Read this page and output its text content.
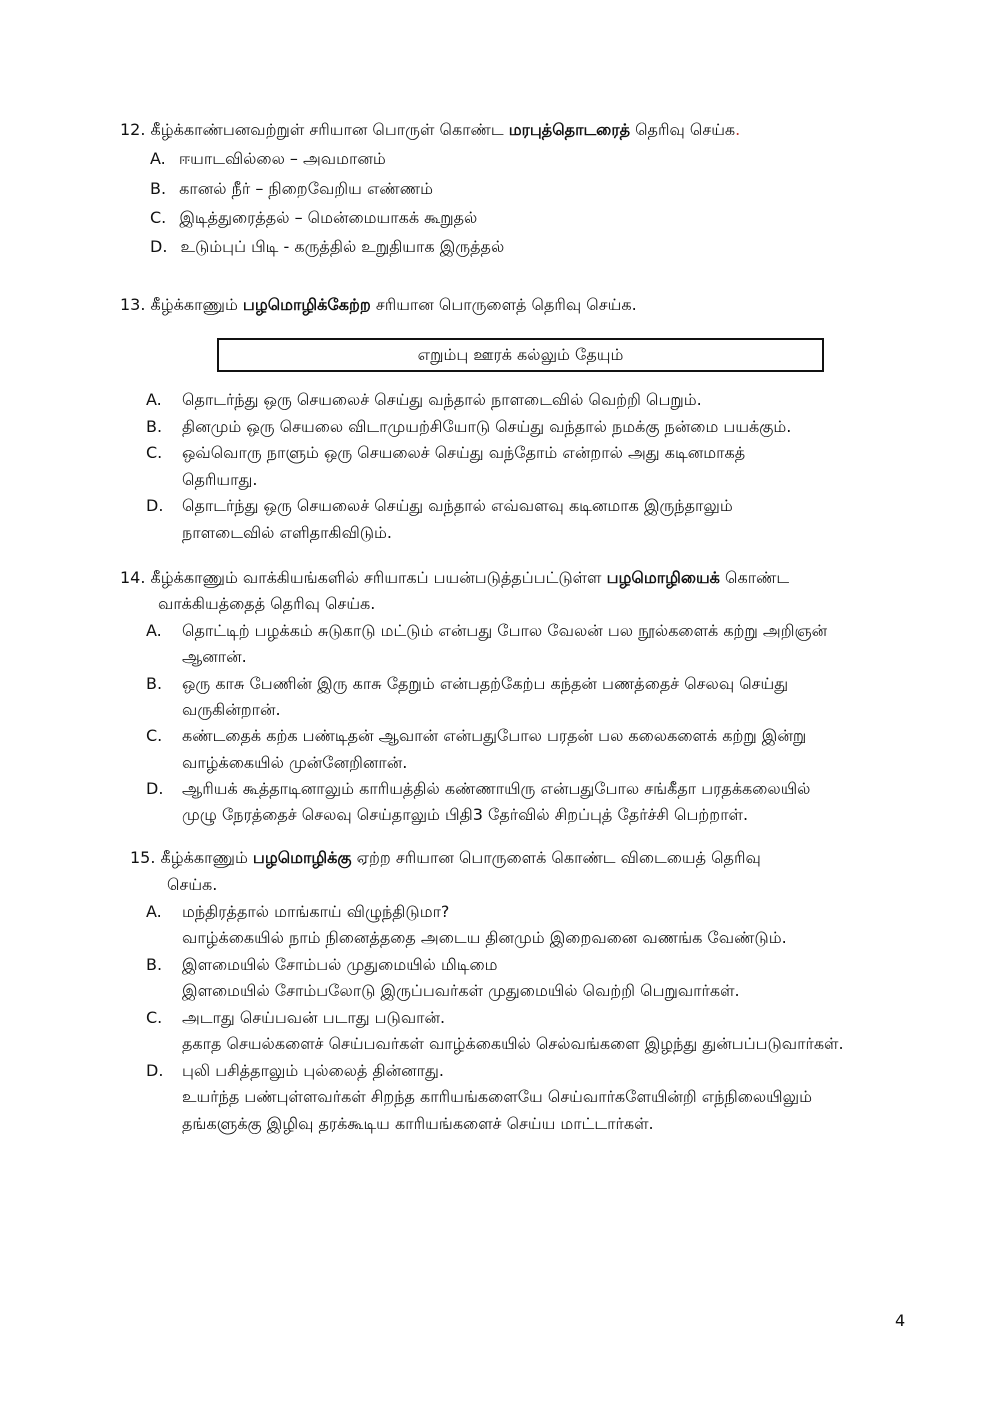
12. கீழ்க்காண்பனவற்றுள் சரியான பொருள் கொண்ட மரபுத்தொடரைத் தெரிவு செய்க.
A. ஈயாடவில்லை – அவமானம்
B. கானல் நீர் – நிறைவேறிய எண்ணம்
C. இடித்துரைத்தல் – மென்மையாகக் கூறுதல்
D. உடும்புப் பிடி - கருத்தில் உறுதியாக இருத்தல்
13. கீழ்க்காணும் பழமொழிக்கேற்ற சரியான பொருளைத் தெரிவு செய்க.
எறும்பு ஊரக் கல்லும் தேயும்
A. தொடர்ந்து ஒரு செயலைச் செய்து வந்தால் நாளடைவில் வெற்றி பெறும்.
B. தினமும் ஒரு செயலை விடாமுயற்சியோடு செய்து வந்தால் நமக்கு நன்மை பயக்கும்.
C. ஒவ்வொரு நாளும் ஒரு செயலைச் செய்து வந்தோம் என்றால் அது கடினமாகத்
தெரியாது.
D. தொடர்ந்து ஒரு செயலைச் செய்து வந்தால் எவ்வளவு கடினமாக இருந்தாலும்
நாளடைவில் எளிதாகிவிடும்.
14. கீழ்க்காணும் வாக்கியங்களில் சரியாகப் பயன்படுத்தப்பட்டுள்ள பழமொழியைக் கொண்ட
வாக்கியத்தைத் தெரிவு செய்க.
A. தொட்டிற் பழக்கம் சுடுகாடு மட்டும் என்பது போல வேலன் பல நூல்களைக் கற்று அறிஞன்
ஆனான்.
B. ஒரு காசு பேணின் இரு காசு தேறும் என்பதற்கேற்ப கந்தன் பணத்தைச் செலவு செய்து
வருகின்றான்.
C. கண்டதைக் கற்க பண்டிதன் ஆவான் என்பதுபோல பரதன் பல கலைகளைக் கற்று இன்று
வாழ்க்கையில் முன்னேறினான்.
D. ஆரியக் கூத்தாடினாலும் காரியத்தில் கண்ணாயிரு என்பதுபோல சங்கீதா பரதக்கலையில்
முழு நேரத்தைச் செலவு செய்தாலும் பிதி3 தேர்வில் சிறப்புத் தேர்ச்சி பெற்றாள்.
15. கீழ்க்காணும் பழமொழிக்கு ஏற்ற சரியான பொருளைக் கொண்ட விடையைத் தெரிவு
செய்க.
A. மந்திரத்தால் மாங்காய் விழுந்திடுமா?
வாழ்க்கையில் நாம் நினைத்ததை அடைய தினமும் இறைவனை வணங்க வேண்டும்.
B. இளமையில் சோம்பல் முதுமையில் மிடிமை
இளமையில் சோம்பலோடு இருப்பவர்கள் முதுமையில் வெற்றி பெறுவார்கள்.
C. அடாது செய்பவன் படாது படுவான்.
தகாத செயல்களைச் செய்பவர்கள் வாழ்க்கையில் செல்வங்களை இழந்து துன்பப்படுவார்கள்.
D. புலி பசித்தாலும் புல்லைத் தின்னாது.
உயர்ந்த பண்புள்ளவர்கள் சிறந்த காரியங்களையே செய்வார்களேயின்றி எந்நிலையிலும்
தங்களுக்கு இழிவு தரக்கூடிய காரியங்களைச் செய்ய மாட்டார்கள்.
4
